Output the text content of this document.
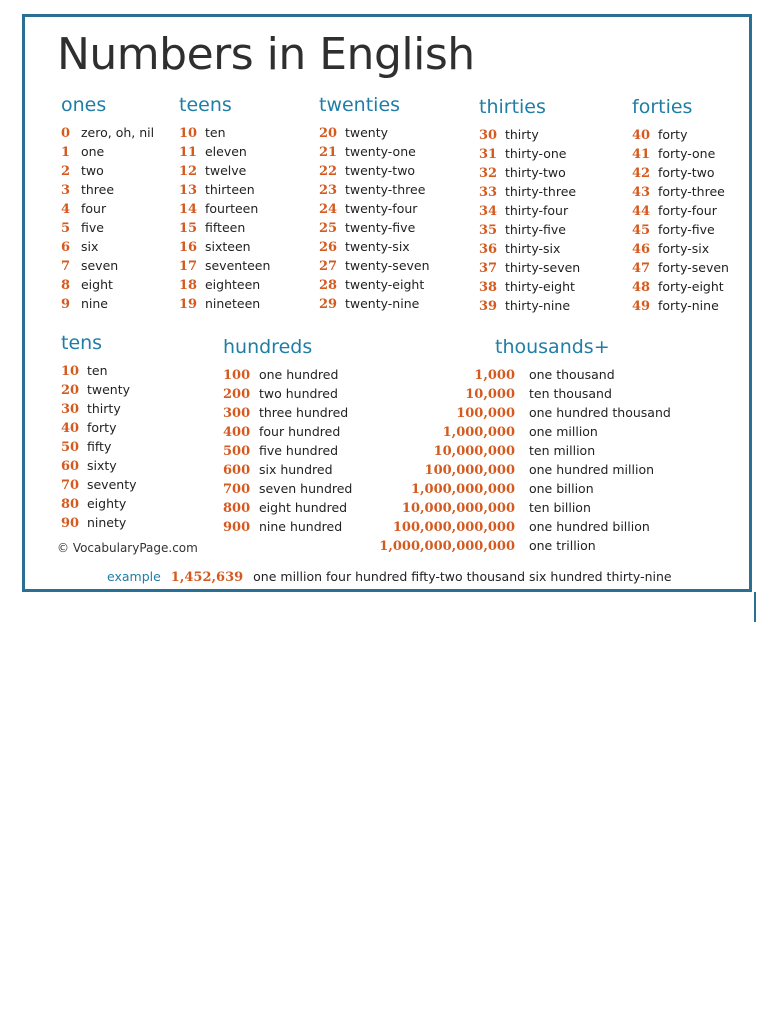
Numbers in English
ones
0 zero, oh, nil
1 one
2 two
3 three
4 four
5 five
6 six
7 seven
8 eight
9 nine
teens
10 ten
11 eleven
12 twelve
13 thirteen
14 fourteen
15 fifteen
16 sixteen
17 seventeen
18 eighteen
19 nineteen
twenties
20 twenty
21 twenty-one
22 twenty-two
23 twenty-three
24 twenty-four
25 twenty-five
26 twenty-six
27 twenty-seven
28 twenty-eight
29 twenty-nine
thirties
30 thirty
31 thirty-one
32 thirty-two
33 thirty-three
34 thirty-four
35 thirty-five
36 thirty-six
37 thirty-seven
38 thirty-eight
39 thirty-nine
forties
40 forty
41 forty-one
42 forty-two
43 forty-three
44 forty-four
45 forty-five
46 forty-six
47 forty-seven
48 forty-eight
49 forty-nine
tens
10 ten
20 twenty
30 thirty
40 forty
50 fifty
60 sixty
70 seventy
80 eighty
90 ninety
hundreds
100 one hundred
200 two hundred
300 three hundred
400 four hundred
500 five hundred
600 six hundred
700 seven hundred
800 eight hundred
900 nine hundred
thousands+
1,000 one thousand
10,000 ten thousand
100,000 one hundred thousand
1,000,000 one million
10,000,000 ten million
100,000,000 one hundred million
1,000,000,000 one billion
10,000,000,000 ten billion
100,000,000,000 one hundred billion
1,000,000,000,000 one trillion
© VocabularyPage.com
example 1,452,639 one million four hundred fifty-two thousand six hundred thirty-nine
